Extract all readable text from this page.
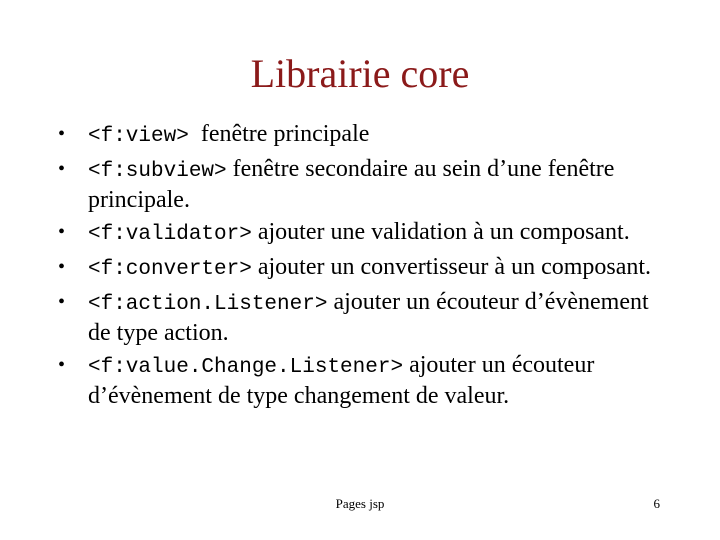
Librairie core
• <f:view>  fenêtre principale
• <f:subview> fenêtre secondaire au sein d’une fenêtre principale.
• <f:validator> ajouter une validation à un composant.
• <f:converter> ajouter un convertisseur à un composant.
• <f:action.Listener> ajouter un écouteur d’évènement de type action.
• <f:value.Change.Listener> ajouter un écouteur d’évènement de type changement de valeur.
Pages jsp	6
